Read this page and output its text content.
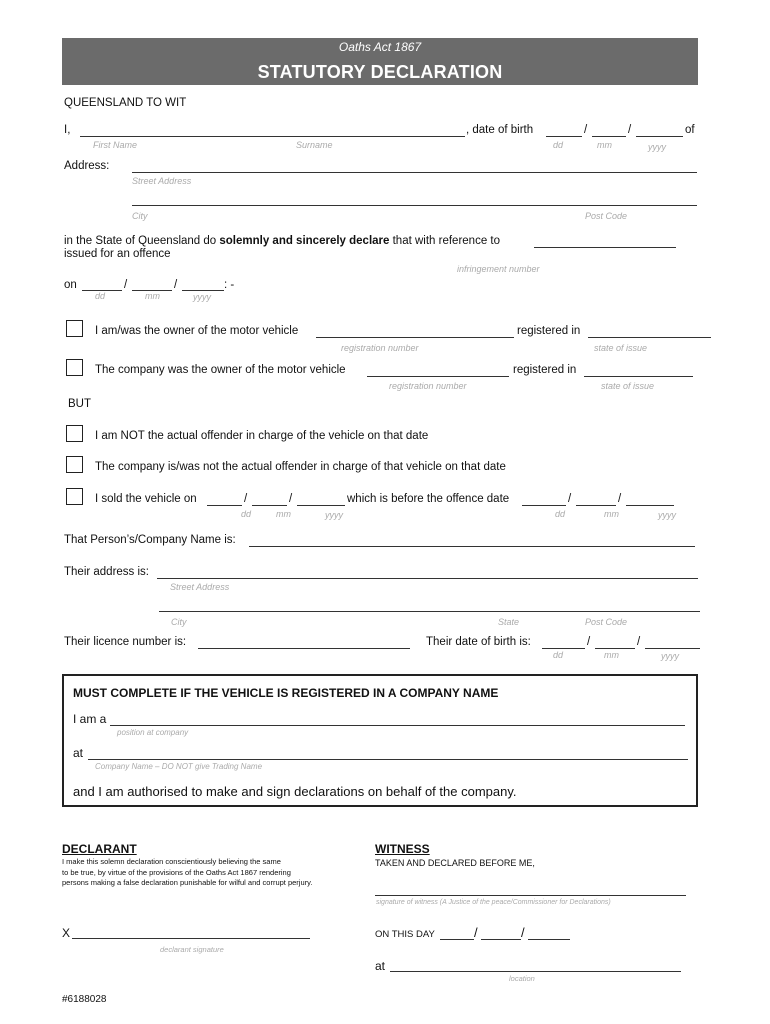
Oaths Act 1867
STATUTORY DECLARATION
QUEENSLAND TO WIT
I,	, date of birth	/	/	of
First Name	Surname	dd	mm	yyyy
Address:
Street Address
City	Post Code
in the State of Queensland do solemnly and sincerely declare that with reference to
issued for an offence
infringement number
on	/	/	: -
dd	mm	yyyy
I am/was the owner of the motor vehicle	registered in
registration number	state of issue
The company was the owner of the motor vehicle	registered in
registration number	state of issue
BUT
I am NOT the actual offender in charge of the vehicle on that date
The company is/was not the actual offender in charge of that vehicle on that date
I sold the vehicle on	/	/	which is before the offence date	/	/
dd	mm	yyyy	dd	mm	yyyy
That Person’s/Company Name is:
Their address is:
Street Address
City	State	Post Code
Their licence number is:	Their date of birth is:	/	/
dd	mm	yyyy
MUST COMPLETE IF THE VEHICLE IS REGISTERED IN A COMPANY NAME
I am a
position at company
at
Company Name – DO NOT give Trading Name
and I am authorised to make and sign declarations on behalf of the company.
DECLARANT
I make this solemn declaration conscientiously believing the same
to be true, by virtue of the provisions of the Oaths Act 1867 rendering
persons making a false declaration punishable for wilful and corrupt perjury.
X
declarant signature
WITNESS
TAKEN AND DECLARED BEFORE ME,
signature of witness (A Justice of the peace/Commissioner for Declarations)
ON THIS DAY	/	/
at
location
#6188028
